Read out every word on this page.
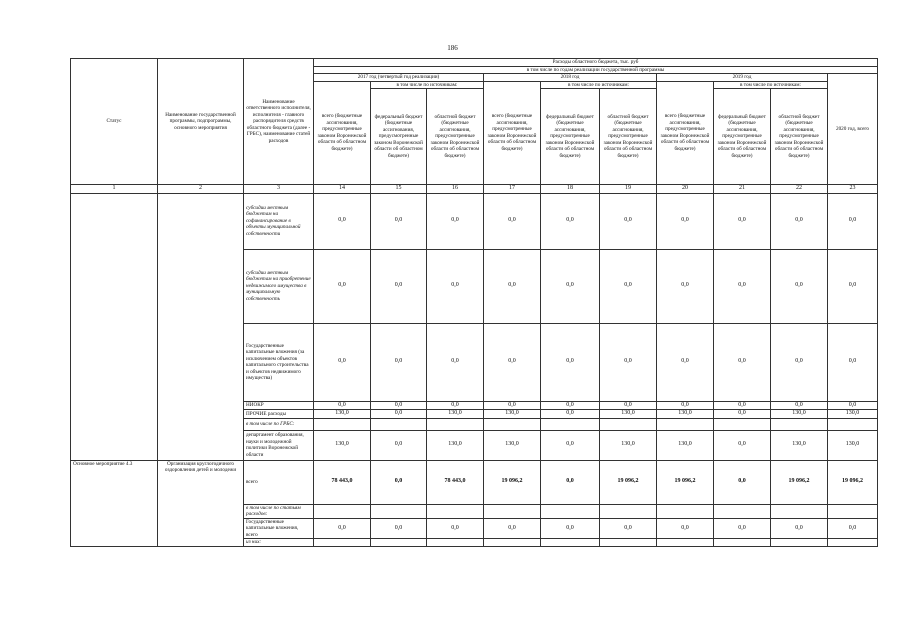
186
Статус	Наименование государственной программы, подпрограммы, основного мероприятия	Наименование ответственного исполнителя, исполнителя - главного распорядителя средств областного бюджета (далее - ГРБС), наименование статей расходов	Расходы областного бюджета, тыс. руб									
			в том числе по годам реализации государственной программы									
			2017 год (четвертый год реализации)			2018 год			2019 год			2020 год, всего
			всего (бюджетные ассигнования, предусмотренные законом Воронежской области об областном бюджете)	в том числе по источникам:		всего (бюджетные ассигнования, предусмотренные законом Воронежской области об областном бюджете)	в том числе по источникам:		всего (бюджетные ассигнования, предусмотренные законом Воронежской области об областном бюджете)	в том числе по источникам:		
				федеральный бюджет (бюджетные ассигнования, предусмотренные законом Воронежской области об областном бюджете)	областной бюджет (бюджетные ассигнования, предусмотренные законом Воронежской области об областном бюджете)		федеральный бюджет (бюджетные ассигнования, предусмотренные законом Воронежской области об областном бюджете)	областной бюджет (бюджетные ассигнования, предусмотренные законом Воронежской области об областном бюджете)		федеральный бюджет (бюджетные ассигнования, предусмотренные законом Воронежской области об областном бюджете)	областной бюджет (бюджетные ассигнования, предусмотренные законом Воронежской области об областном бюджете)	
1	2	3	14	15	16	17	18	19	20	21	22	23
		субсидии местным бюджетам на софинансирование в объекты муниципальной собственности	0,0	0,0	0,0	0,0	0,0	0,0	0,0	0,0	0,0	0,0
		субсидии местным бюджетам на приобретение недвижимого имущества в муниципальную собственность	0,0	0,0	0,0	0,0	0,0	0,0	0,0	0,0	0,0	0,0
		Государственные капитальные вложения (за исключением объектов капитального строительства и объектов недвижимого имущества)	0,0	0,0	0,0	0,0	0,0	0,0	0,0	0,0	0,0	0,0
		НИОКР	0,0	0,0	0,0	0,0	0,0	0,0	0,0	0,0	0,0	0,0
		ПРОЧИЕ расходы	130,0	0,0	130,0	130,0	0,0	130,0	130,0	0,0	130,0	130,0
		в том числе по ГРБС:										
		департамент образования, науки и молодежной политики Воронежской области	130,0	0,0	130,0	130,0	0,0	130,0	130,0	0,0	130,0	130,0
Основное мероприятие 4.3	Организация круглогодичного оздоровления детей и молодежи	всего	78 443,0	0,0	78 443,0	19 096,2	0,0	19 096,2	19 096,2	0,0	19 096,2	19 096,2
		в том числе по статьям расходов:										
		Государственные капитальные вложения, всего	0,0	0,0	0,0	0,0	0,0	0,0	0,0	0,0	0,0	0,0
		из них:										
